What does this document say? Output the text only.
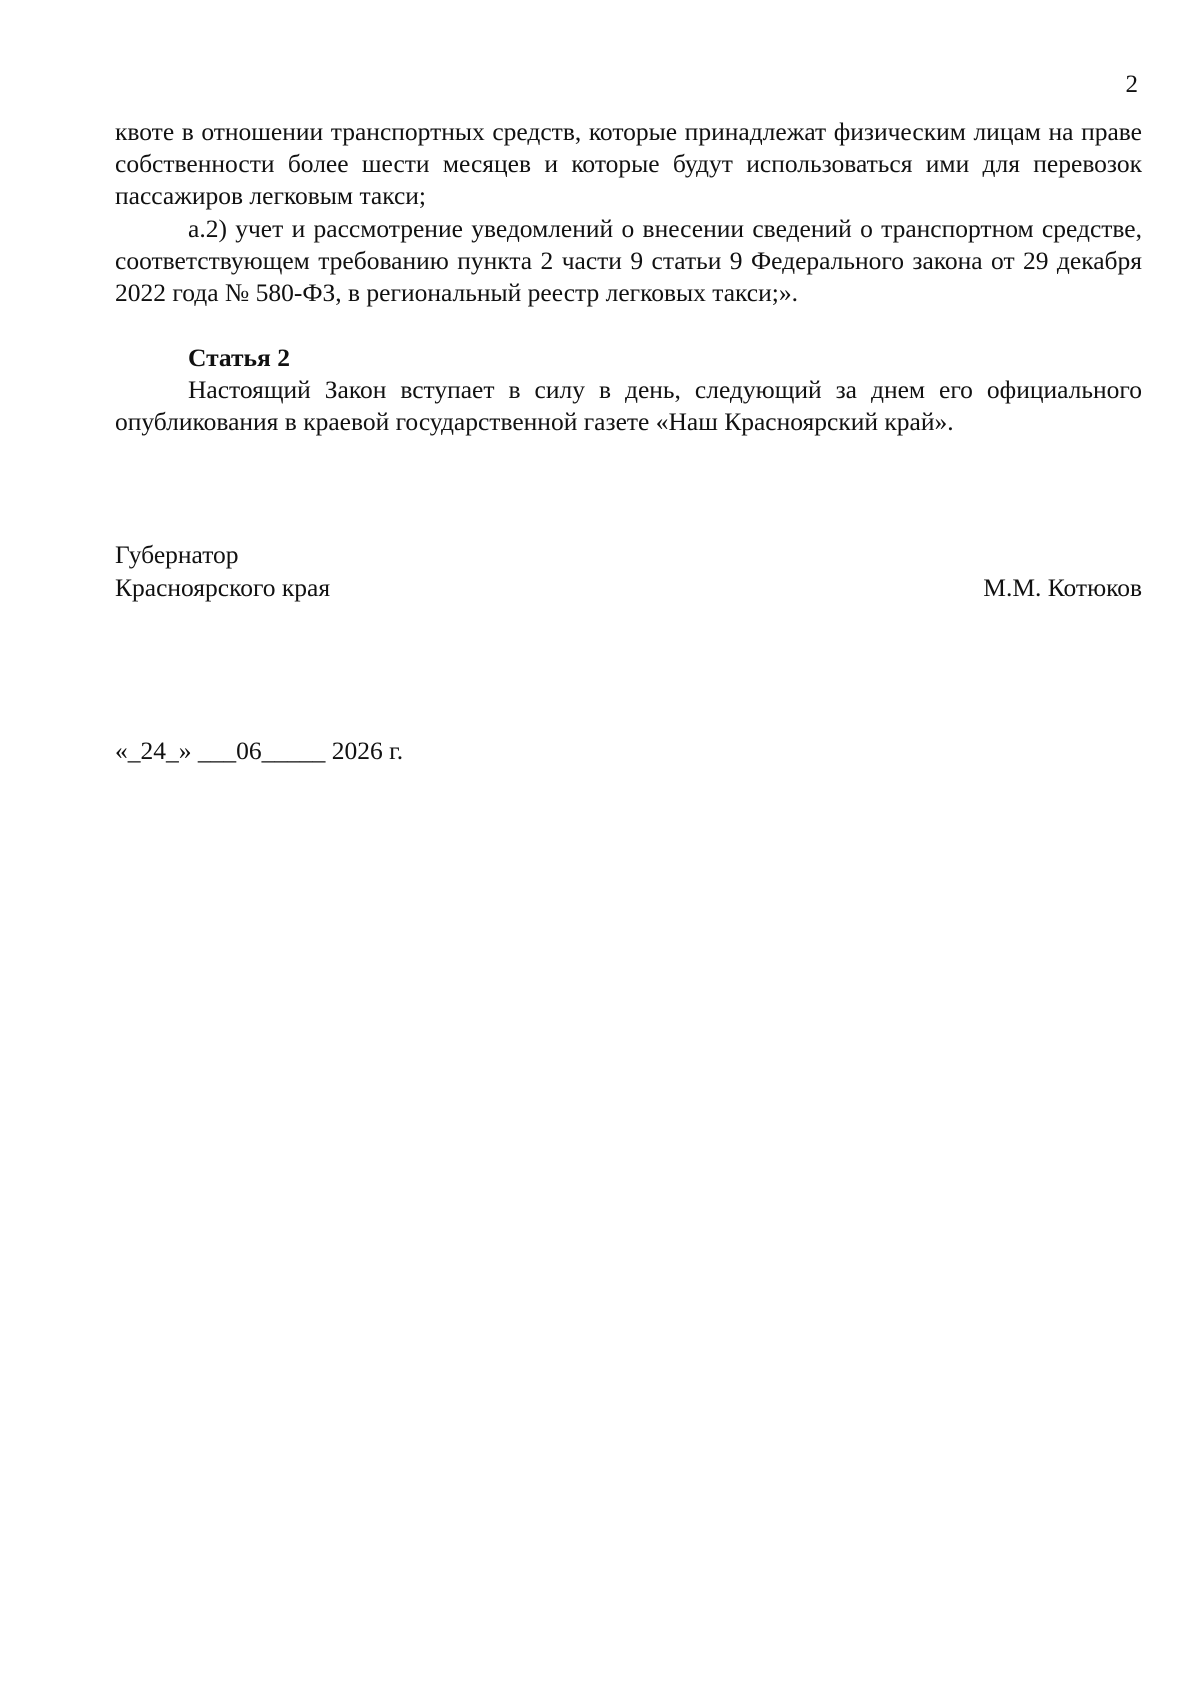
2

квоте в отношении транспортных средств, которые принадлежат физическим лицам на праве собственности более шести месяцев и которые будут использоваться ими для перевозок пассажиров легковым такси;

а.2) учет и рассмотрение уведомлений о внесении сведений о транспортном средстве, соответствующем требованию пункта 2 части 9 статьи 9 Федерального закона от 29 декабря 2022 года № 580-ФЗ, в региональный реестр легковых такси;».

Статья 2

Настоящий Закон вступает в силу в день, следующий за днем его официального опубликования в краевой государственной газете «Наш Красноярский край».

Губернатор
Красноярского края	М.М. Котюков
«_24_» ___06_____ 2026 г.
